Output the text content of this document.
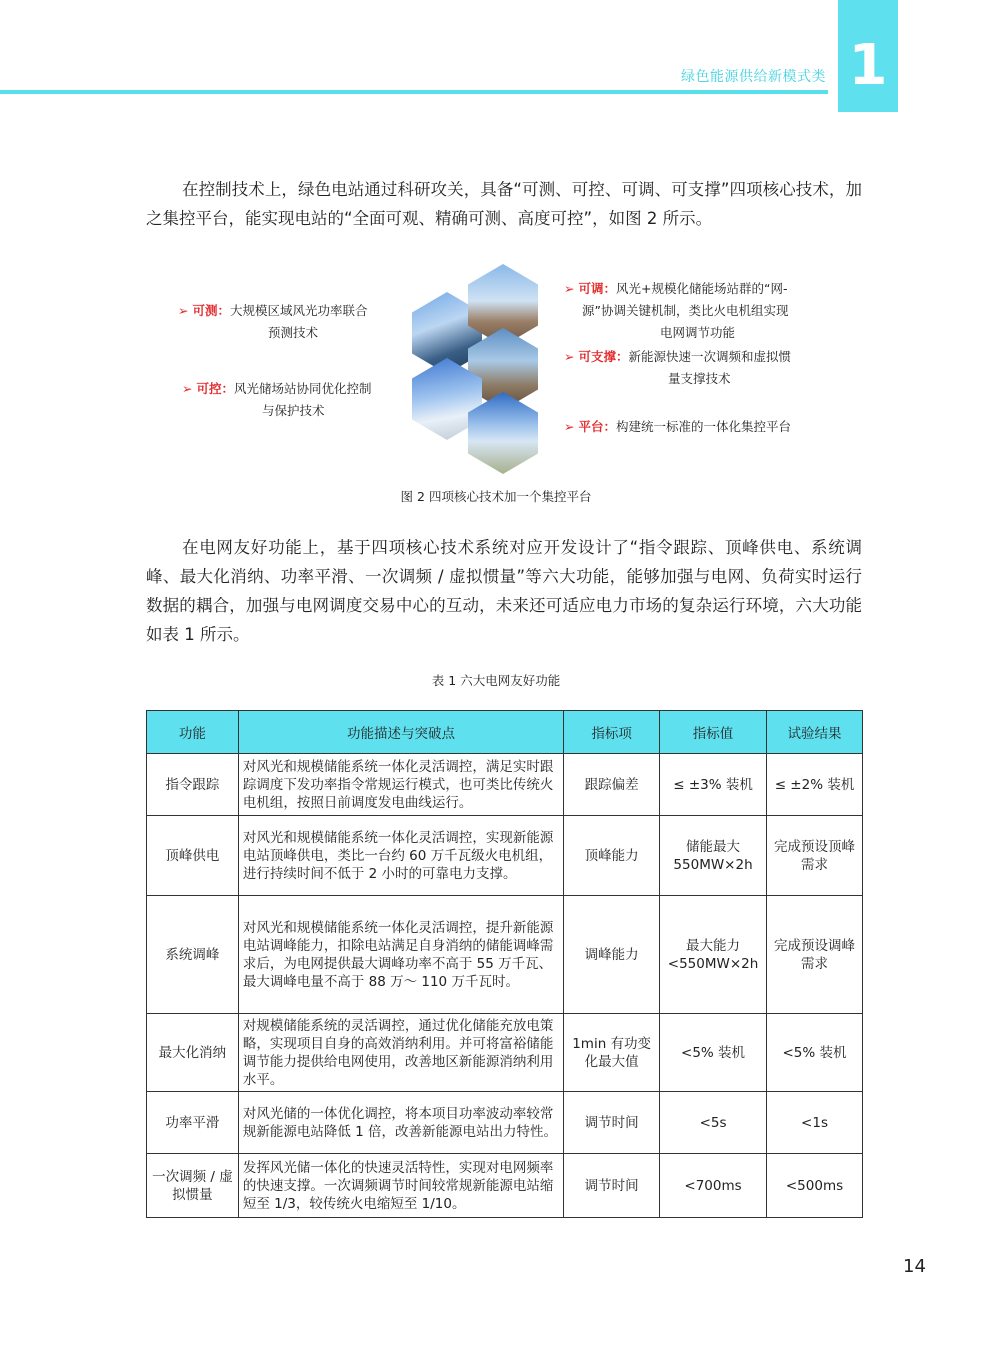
绿色能源供给新模式类 1
在控制技术上，绿色电站通过科研攻关，具备“可测、可控、可调、可支撑”四项核心技术，加之集控平台，能实现电站的“全面可观、精确可测、高度可控”，如图 2 所示。
➢ 可测：大规模区域风光功率联合
预测技术
➢ 可控：风光储场站协同优化控制
与保护技术
➢ 可调：风光+规模化储能场站群的“网-
源”协调关键机制，类比火电机组实现
电网调节功能
➢ 可支撑：新能源快速一次调频和虚拟惯
量支撑技术
➢ 平台：构建统一标准的一体化集控平台
图 2 四项核心技术加一个集控平台
在电网友好功能上，基于四项核心技术系统对应开发设计了“指令跟踪、顶峰供电、系统调峰、最大化消纳、功率平滑、一次调频 / 虚拟惯量”等六大功能，能够加强与电网、负荷实时运行数据的耦合，加强与电网调度交易中心的互动，未来还可适应电力市场的复杂运行环境，六大功能如表 1 所示。
表 1 六大电网友好功能
功能	功能描述与突破点	指标项	指标值	试验结果
指令跟踪	对风光和规模储能系统一体化灵活调控，满足实时跟踪调度下发功率指令常规运行模式，也可类比传统火电机组，按照日前调度发电曲线运行。	跟踪偏差	≤ ±3% 装机	≤ ±2% 装机
顶峰供电	对风光和规模储能系统一体化灵活调控，实现新能源电站顶峰供电，类比一台约 60 万千瓦级火电机组，进行持续时间不低于 2 小时的可靠电力支撑。	顶峰能力	储能最大 550MW×2h	完成预设顶峰需求
系统调峰	对风光和规模储能系统一体化灵活调控，提升新能源电站调峰能力，扣除电站满足自身消纳的储能调峰需求后，为电网提供最大调峰功率不高于 55 万千瓦、最大调峰电量不高于 88 万～ 110 万千瓦时。	调峰能力	最大能力 <550MW×2h	完成预设调峰需求
最大化消纳	对规模储能系统的灵活调控，通过优化储能充放电策略，实现项目自身的高效消纳利用。并可将富裕储能调节能力提供给电网使用，改善地区新能源消纳利用水平。	1min 有功变化最大值	<5% 装机	<5% 装机
功率平滑	对风光储的一体优化调控，将本项目功率波动率较常规新能源电站降低 1 倍，改善新能源电站出力特性。	调节时间	<5s	<1s
一次调频 / 虚拟惯量	发挥风光储一体化的快速灵活特性，实现对电网频率的快速支撑。一次调频调节时间较常规新能源电站缩短至 1/3，较传统火电缩短至 1/10。	调节时间	<700ms	<500ms
14
